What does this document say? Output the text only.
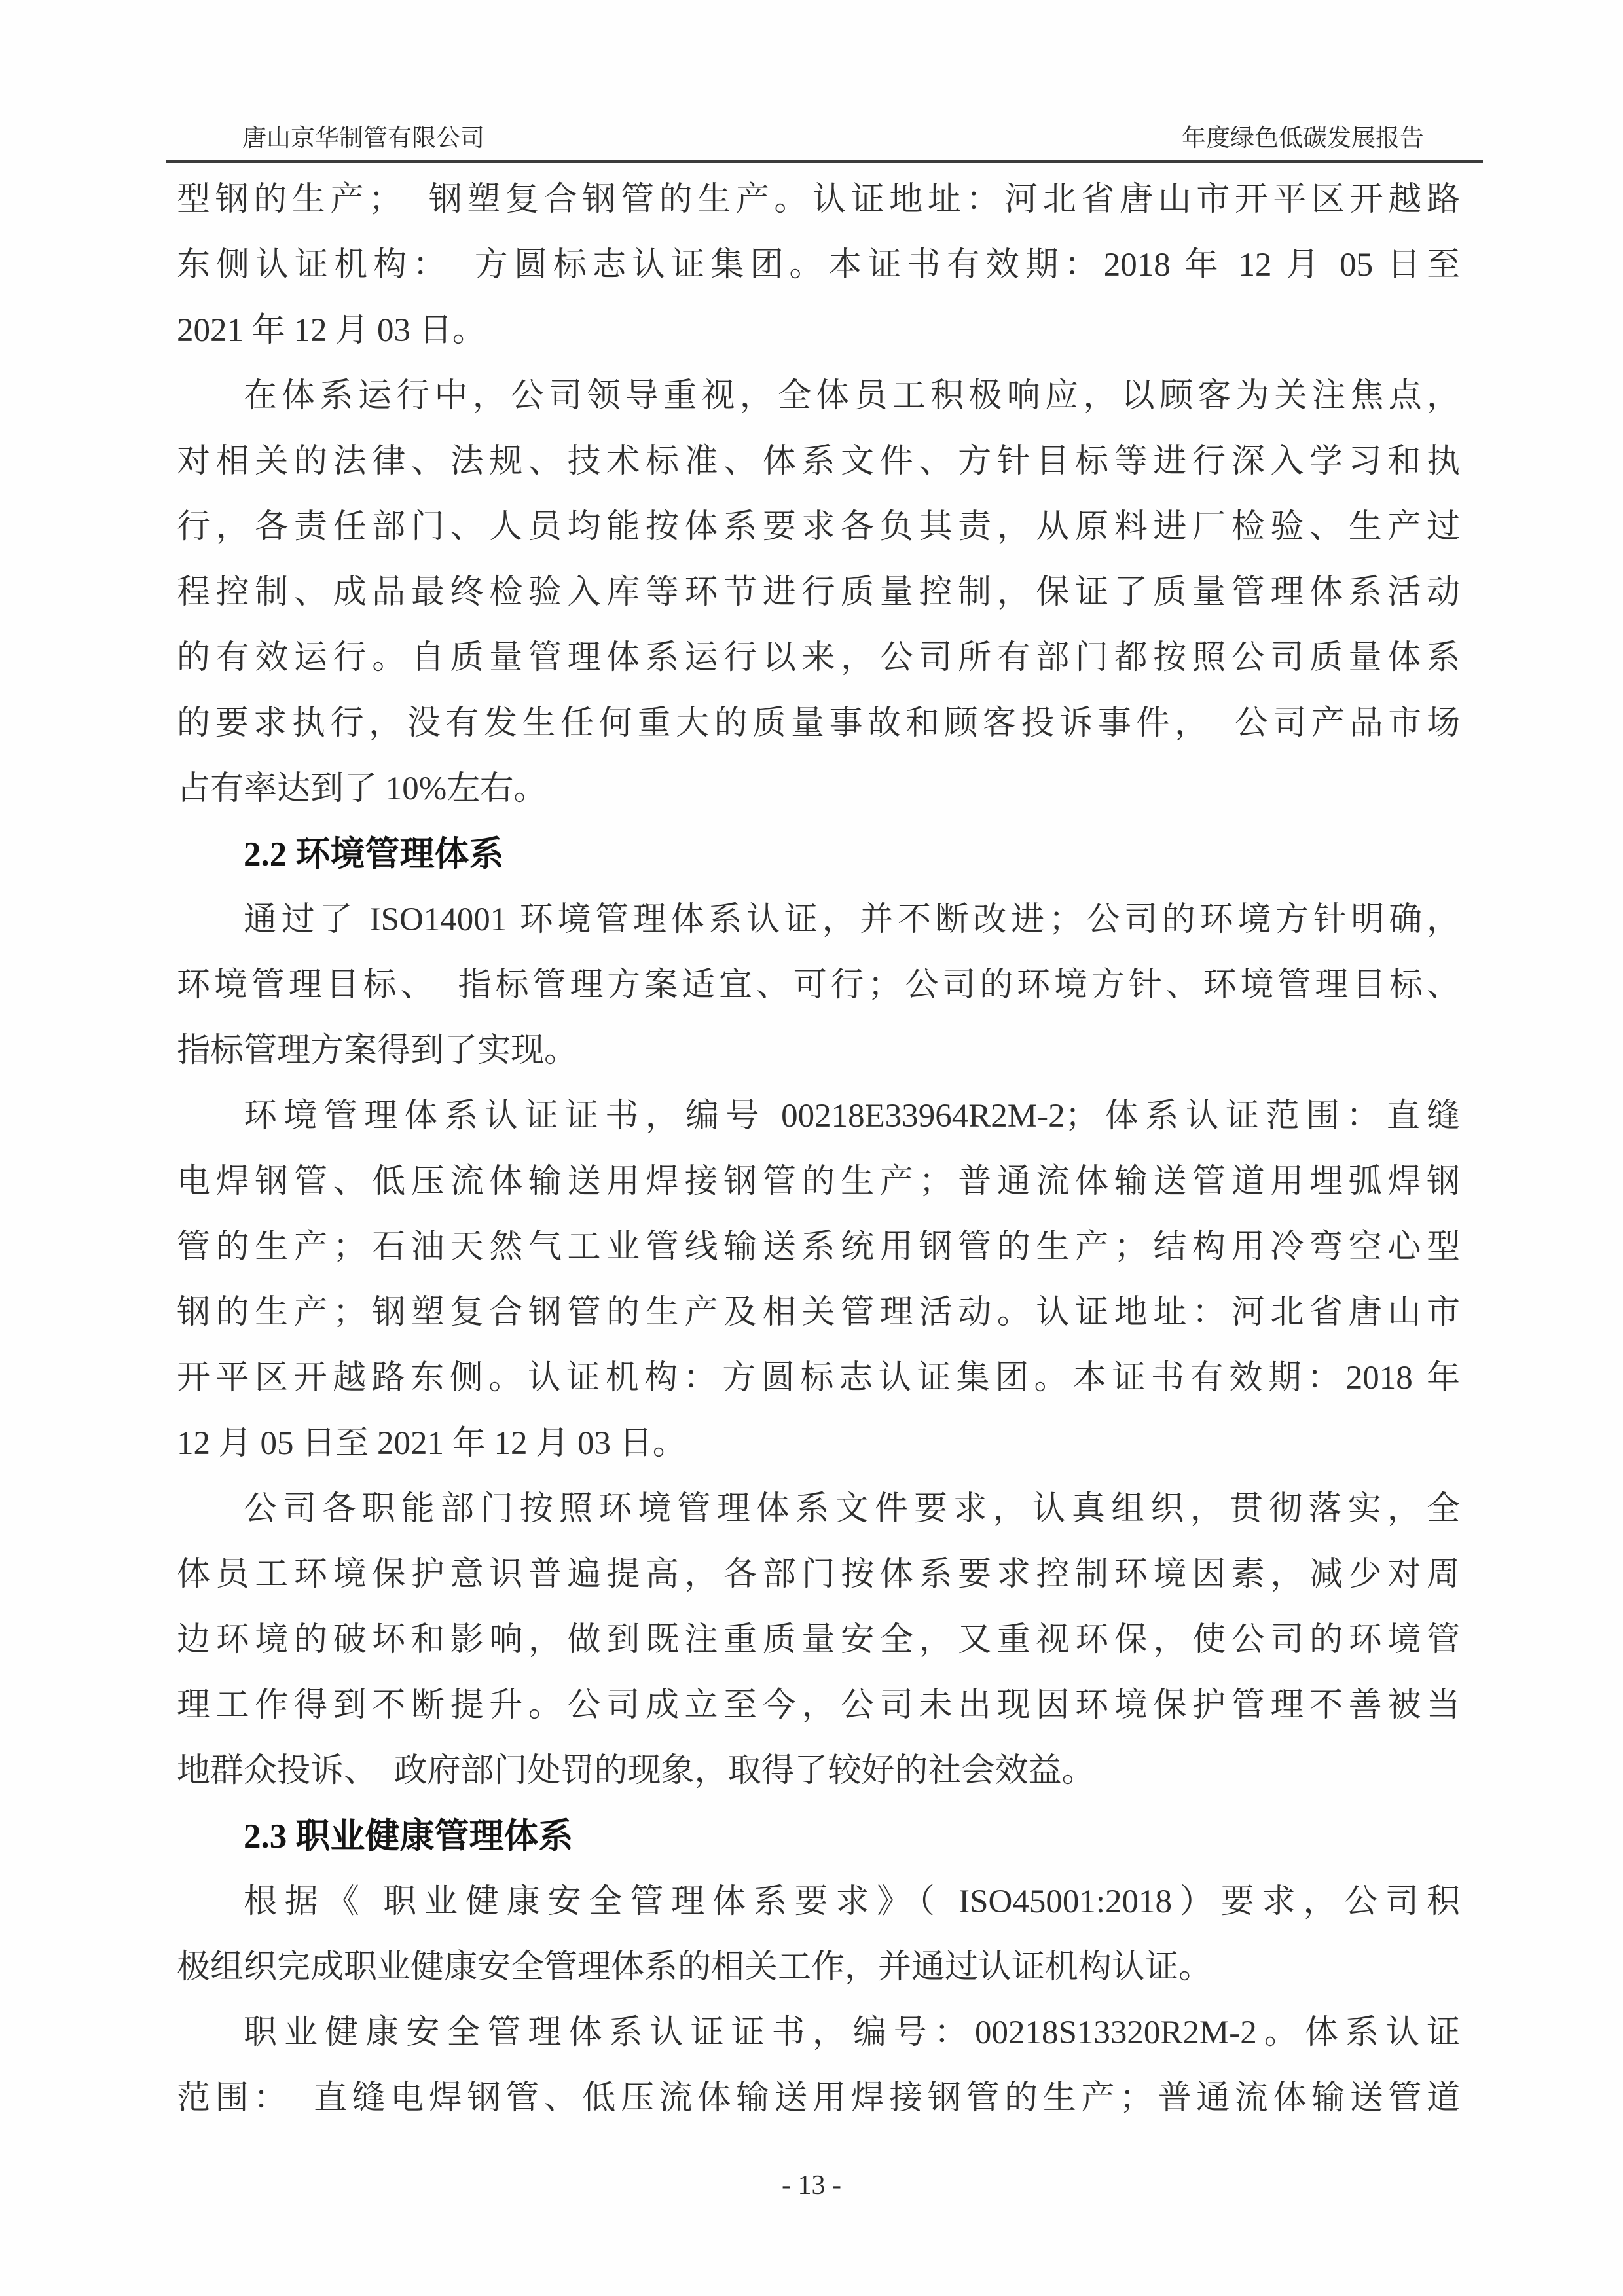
唐山京华制管有限公司	年度绿色低碳发展报告
型钢的生产；　钢塑复合钢管的生产。认证地址：河北省唐山市开平区开越路
东侧认证机构：　方圆标志认证集团。本证书有效期：2018 年 12 月 05 日至
2021 年 12 月 03 日。
在体系运行中，公司领导重视，全体员工积极响应，以顾客为关注焦点，
对相关的法律、法规、技术标准、体系文件、方针目标等进行深入学习和执
行，各责任部门、人员均能按体系要求各负其责，从原料进厂检验、生产过
程控制、成品最终检验入库等环节进行质量控制，保证了质量管理体系活动
的有效运行。自质量管理体系运行以来，公司所有部门都按照公司质量体系
的要求执行，没有发生任何重大的质量事故和顾客投诉事件，　公司产品市场
占有率达到了 10%左右。
2.2 环境管理体系
通过了 ISO14001 环境管理体系认证，并不断改进；公司的环境方针明确，
环境管理目标、　指标管理方案适宜、可行；公司的环境方针、环境管理目标、
指标管理方案得到了实现。
环境管理体系认证证书，编号 00218E33964R2M-2；体系认证范围：直缝
电焊钢管、低压流体输送用焊接钢管的生产；普通流体输送管道用埋弧焊钢
管的生产；石油天然气工业管线输送系统用钢管的生产；结构用冷弯空心型
钢的生产；钢塑复合钢管的生产及相关管理活动。认证地址：河北省唐山市
开平区开越路东侧。认证机构：方圆标志认证集团。本证书有效期：2018 年
12 月 05 日至 2021 年 12 月 03 日。
公司各职能部门按照环境管理体系文件要求，认真组织，贯彻落实，全
体员工环境保护意识普遍提高，各部门按体系要求控制环境因素，减少对周
边环境的破坏和影响，做到既注重质量安全，又重视环保，使公司的环境管
理工作得到不断提升。公司成立至今，公司未出现因环境保护管理不善被当
地群众投诉、　政府部门处罚的现象，取得了较好的社会效益。
2.3 职业健康管理体系
根据《 职业健康安全管理体系要求》（ ISO45001:2018）要求，公司积
极组织完成职业健康安全管理体系的相关工作，并通过认证机构认证。
职业健康安全管理体系认证证书，编号：00218S13320R2M-2。体系认证
范围：　直缝电焊钢管、低压流体输送用焊接钢管的生产；普通流体输送管道
- 13 -
